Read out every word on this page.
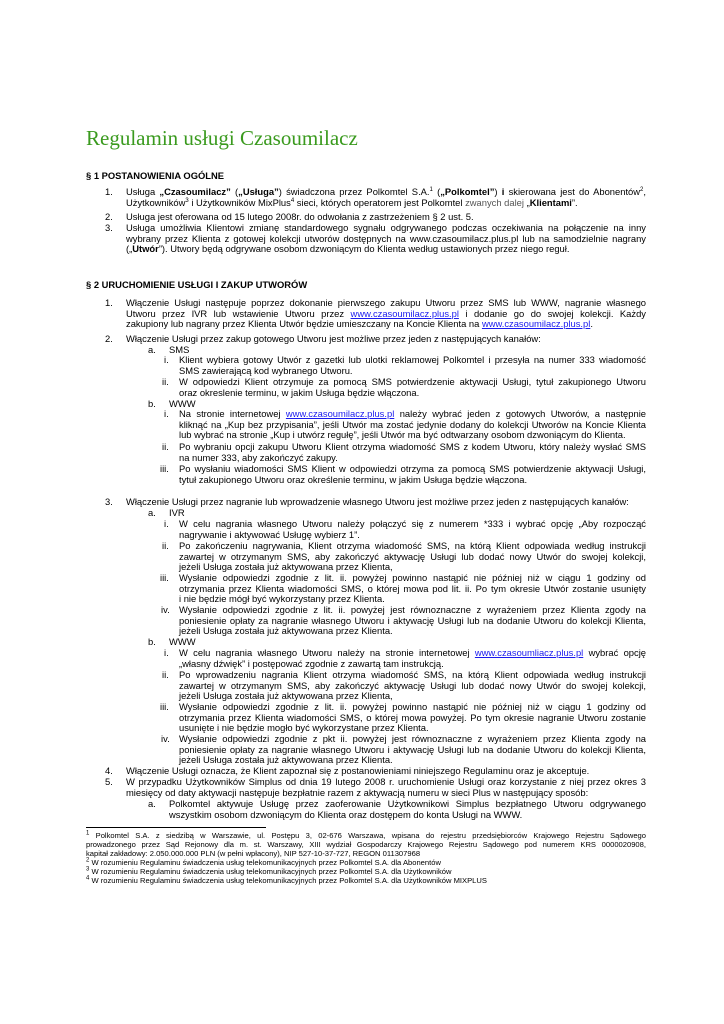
Regulamin usługi Czasoumilacz
§ 1 POSTANOWIENIA OGÓLNE
1. Usługa „Czasoumilacz” („Usługa”) świadczona przez Polkomtel S.A.$^1$ („Polkomtel”) i skierowana jest do Abonentów$^2$,
Użytkowników$^3$ i Użytkowników MixPlus$^4$ sieci, których operatorem jest Polkomtel zwanych dalej „Klientami”.
2. Usługa jest oferowana od 15 lutego 2008r. do odwołania z zastrzeżeniem § 2 ust. 5.
3. Usługa umożliwia Klientowi zmianę standardowego sygnału odgrywanego podczas oczekiwania na połączenie na inny
wybrany przez Klienta z gotowej kolekcji utworów dostępnych na www.czasoumilacz.plus.pl lub na samodzielnie nagrany
(„Utwór”). Utwory będą odgrywane osobom dzwoniącym do Klienta według ustawionych przez niego reguł.
§ 2 URUCHOMIENIE USŁUGI I ZAKUP UTWORÓW
1. Włączenie Usługi następuje poprzez dokonanie pierwszego zakupu Utworu przez SMS lub WWW, nagranie własnego
Utworu przez IVR lub wstawienie Utworu przez www.czasoumilacz.plus.pl i dodanie go do swojej kolekcji. Każdy
zakupiony lub nagrany przez Klienta Utwór będzie umieszczany na Koncie Klienta na www.czasoumilacz.plus.pl.
2. Włączenie Usługi przez zakup gotowego Utworu jest możliwe przez jeden z następujących kanałów:
a. SMS
i. Klient wybiera gotowy Utwór z gazetki lub ulotki reklamowej Polkomtel i przesyła na numer 333 wiadomość
SMS zawierającą kod wybranego Utworu.
ii. W odpowiedzi Klient otrzymuje za pomocą SMS potwierdzenie aktywacji Usługi, tytuł zakupionego Utworu
oraz okreslenie terminu, w jakim Usługa będzie włączona.
b. WWW
i. Na stronie internetowej www.czasoumilacz.plus.pl należy wybrać jeden z gotowych Utworów, a następnie
kliknąć na „Kup bez przypisania”, jeśli Utwór ma zostać jedynie dodany do kolekcji Utworów na Koncie Klienta
lub wybrać na stronie „Kup i utwórz regułę”, jeśli Utwór ma być odtwarzany osobom dzwoniącym do Klienta.
ii. Po wybraniu opcji zakupu Utworu Klient otrzyma wiadomość SMS z kodem Utworu, który należy wysłać SMS
na numer 333, aby zakończyć zakupy.
iii. Po wysłaniu wiadomości SMS Klient w odpowiedzi otrzyma za pomocą SMS potwierdzenie aktywacji Usługi,
tytuł zakupionego Utworu oraz określenie terminu, w jakim Usługa będzie włączona.
3. Włączenie Usługi przez nagranie lub wprowadzenie własnego Utworu jest możliwe przez jeden z następujących kanałów:
a. IVR
i. W celu nagrania własnego Utworu należy połączyć się z numerem *333 i wybrać opcję „Aby rozpocząć
nagrywanie i aktywować Usługę wybierz 1”.
ii. Po zakończeniu nagrywania, Klient otrzyma wiadomość SMS, na którą Klient odpowiada według instrukcji
zawartej w otrzymanym SMS, aby zakończyć aktywację Usługi lub dodać nowy Utwór do swojej kolekcji,
jeżeli Usługa została już aktywowana przez Klienta,
iii. Wysłanie odpowiedzi zgodnie z lit. ii. powyżej powinno nastąpić nie później niż w ciągu 1 godziny od
otrzymania przez Klienta wiadomości SMS, o której mowa pod lit. ii. Po tym okresie Utwór zostanie usunięty
i nie będzie mógł być wykorzystany przez Klienta.
iv. Wysłanie odpowiedzi zgodnie z lit. ii. powyżej jest równoznaczne z wyrażeniem przez Klienta zgody na
poniesienie opłaty za nagranie własnego Utworu i aktywację Usługi lub na dodanie Utworu do kolekcji Klienta,
jeżeli Usługa została już aktywowana przez Klienta.
b. WWW
i. W celu nagrania własnego Utworu należy na stronie internetowej www.czasoumliacz.plus.pl wybrać opcję
„własny dźwięk” i postępować zgodnie z zawartą tam instrukcją.
ii. Po wprowadzeniu nagrania Klient otrzyma wiadomość SMS, na którą Klient odpowiada według instrukcji
zawartej w otrzymanym SMS, aby zakończyć aktywację Usługi lub dodać nowy Utwór do swojej kolekcji,
jeżeli Usługa została już aktywowana przez Klienta,
iii. Wysłanie odpowiedzi zgodnie z lit. ii. powyżej powinno nastąpić nie później niż w ciągu 1 godziny od
otrzymania przez Klienta wiadomości SMS, o której mowa powyżej. Po tym okresie nagranie Utworu zostanie
usunięte i nie będzie mogło być wykorzystane przez Klienta.
iv. Wysłanie odpowiedzi zgodnie z pkt ii. powyżej jest równoznaczne z wyrażeniem przez Klienta zgody na
poniesienie opłaty za nagranie własnego Utworu i aktywację Usługi lub na dodanie Utworu do kolekcji Klienta,
jeżeli Usługa została już aktywowana przez Klienta.
4. Włączenie Usługi oznacza, że Klient zapoznał się z postanowieniami niniejszego Regulaminu oraz je akceptuje.
5. W przypadku Użytkowników Simplus od dnia 19 lutego 2008 r. uruchomienie Usługi oraz korzystanie z niej przez okres 3
miesięcy od daty aktywacji następuje bezpłatnie razem z aktywacją numeru w sieci Plus w następujący sposób:
a. Polkomtel aktywuje Usługę przez zaoferowanie Użytkownikowi Simplus bezpłatnego Utworu odgrywanego
wszystkim osobom dzwoniącym do Klienta oraz dostępem do konta Usługi na WWW.
$^1$ Polkomtel S.A. z siedzibą w Warszawie, ul. Postępu 3, 02-676 Warszawa, wpisana do rejestru przedsiębiorców Krajowego Rejestru Sądowego
prowadzonego przez Sąd Rejonowy dla m. st. Warszawy, XIII wydział Gospodarczy Krajowego Rejestru Sądowego pod numerem KRS 0000020908,
kapitał zakładowy: 2.050.000.000 PLN (w pełni wpłacony), NIP 527-10-37-727, REGON 011307968
$^2$ W rozumieniu Regulaminu świadczenia usług telekomunikacyjnych przez Polkomtel S.A. dla Abonentów
$^3$ W rozumieniu Regulaminu świadczenia usług telekomunikacyjnych przez Polkomtel S.A. dla Użytkowników
$^4$ W rozumieniu Regulaminu świadczenia usług telekomunikacyjnych przez Polkomtel S.A. dla Użytkowników MIXPLUS
